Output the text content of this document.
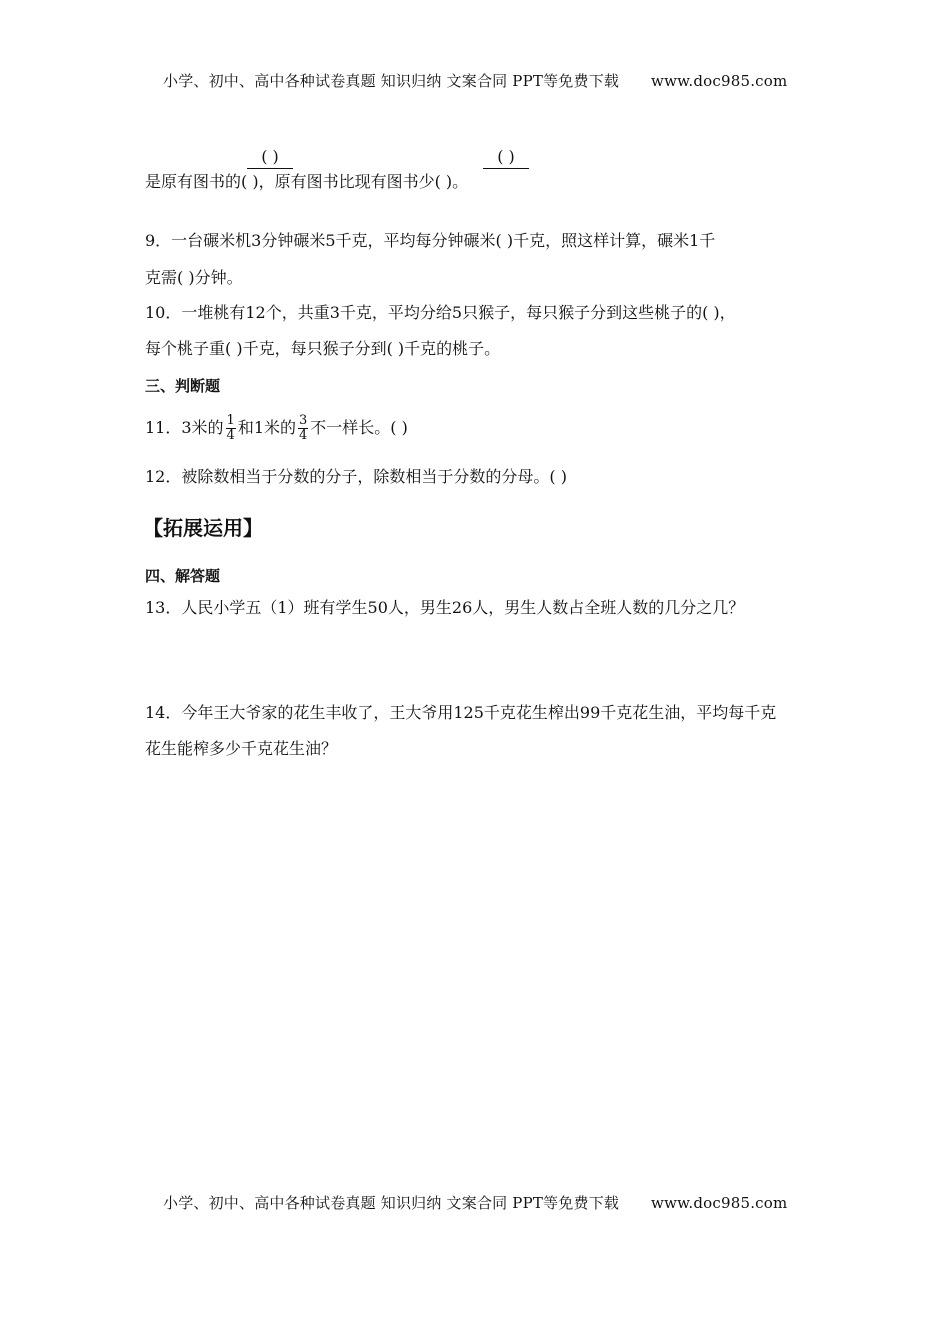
小学、初中、高中各种试卷真题 知识归纳 文案合同 PPT等免费下载 www.doc985.com
( )	( )
是原有图书的( )，原有图书比现有图书少( )。
9．一台碾米机3分钟碾米5千克，平均每分钟碾米( )千克，照这样计算，碾米1千
克需( )分钟。
10．一堆桃有12个，共重3千克，平均分给5只猴子，每只猴子分到这些桃子的( )，
每个桃子重( )千克，每只猴子分到( )千克的桃子。
三、判断题
11．3米的 $\frac{1}{4}$ 和1米的 $\frac{3}{4}$ 不一样长。( )
12．被除数相当于分数的分子，除数相当于分数的分母。( )
【拓展运用】
四、解答题
13．人民小学五（1）班有学生50人，男生26人，男生人数占全班人数的几分之几？
14．今年王大爷家的花生丰收了，王大爷用125千克花生榨出99千克花生油，平均每千克
花生能榨多少千克花生油？
小学、初中、高中各种试卷真题 知识归纳 文案合同 PPT等免费下载 www.doc985.com
